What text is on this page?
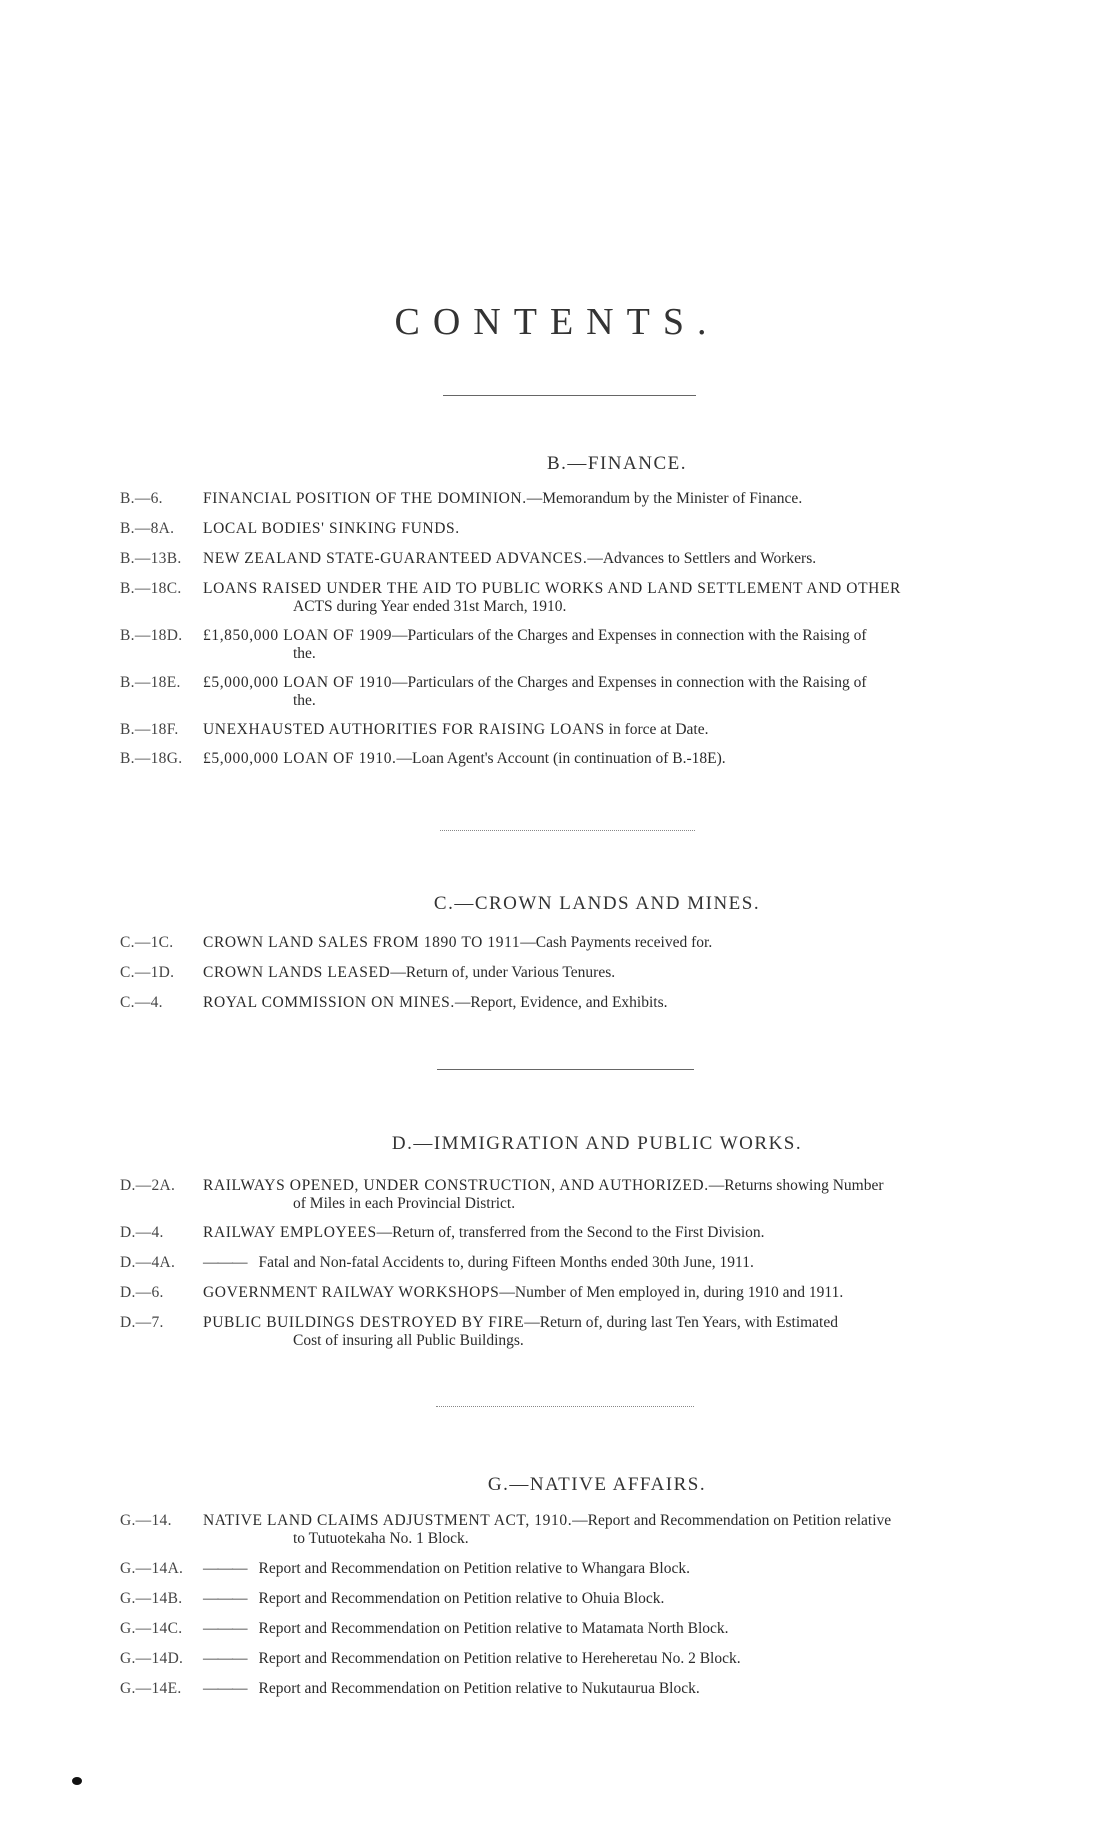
CONTENTS.
B.—FINANCE.
B.—6.	FINANCIAL POSITION OF THE DOMINION.—Memorandum by the Minister of Finance.
B.—8A.	LOCAL BODIES' SINKING FUNDS.
B.—13B.	NEW ZEALAND STATE-GUARANTEED ADVANCES.—Advances to Settlers and Workers.
B.—18C.	LOANS RAISED UNDER THE AID TO PUBLIC WORKS AND LAND SETTLEMENT AND OTHER
ACTS during Year ended 31st March, 1910.
B.—18D.	£1,850,000 LOAN OF 1909—Particulars of the Charges and Expenses in connection with the Raising of
the.
B.—18E.	£5,000,000 LOAN OF 1910—Particulars of the Charges and Expenses in connection with the Raising of
the.
B.—18F.	UNEXHAUSTED AUTHORITIES FOR RAISING LOANS in force at Date.
B.—18G.	£5,000,000 LOAN OF 1910.—Loan Agent's Account (in continuation of B.-18E).
C.—CROWN LANDS AND MINES.
C.—1C.	CROWN LAND SALES FROM 1890 TO 1911—Cash Payments received for.
C.—1D.	CROWN LANDS LEASED—Return of, under Various Tenures.
C.—4.	ROYAL COMMISSION ON MINES.—Report, Evidence, and Exhibits.
D.—IMMIGRATION AND PUBLIC WORKS.
D.—2A.	RAILWAYS OPENED, UNDER CONSTRUCTION, AND AUTHORIZED.—Returns showing Number
of Miles in each Provincial District.
D.—4.	RAILWAY EMPLOYEES—Return of, transferred from the Second to the First Division.
D.—4A.	——— Fatal and Non-fatal Accidents to, during Fifteen Months ended 30th June, 1911.
D.—6.	GOVERNMENT RAILWAY WORKSHOPS—Number of Men employed in, during 1910 and 1911.
D.—7.	PUBLIC BUILDINGS DESTROYED BY FIRE—Return of, during last Ten Years, with Estimated
Cost of insuring all Public Buildings.
G.—NATIVE AFFAIRS.
G.—14.	NATIVE LAND CLAIMS ADJUSTMENT ACT, 1910.—Report and Recommendation on Petition relative
to Tutuotekaha No. 1 Block.
G.—14A.	——— Report and Recommendation on Petition relative to Whangara Block.
G.—14B.	——— Report and Recommendation on Petition relative to Ohuia Block.
G.—14C.	——— Report and Recommendation on Petition relative to Matamata North Block.
G.—14D.	——— Report and Recommendation on Petition relative to Hereheretau No. 2 Block.
G.—14E.	——— Report and Recommendation on Petition relative to Nukutaurua Block.
